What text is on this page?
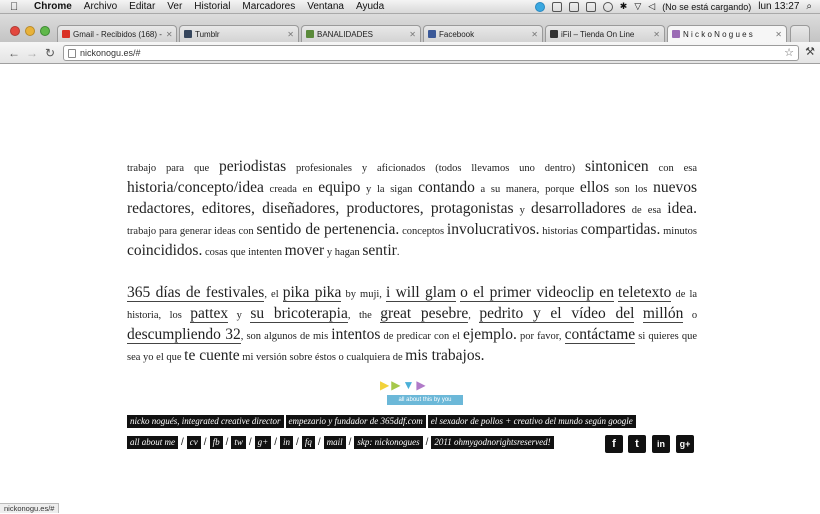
Chrome Archivo Editar Ver Historial Marcadores Ventana Ayuda	✱ ▽ ◁ (No se está cargando) lun 13:27 ⌕
Gmail - Recibidos (168) - ✕	Tumblr	✕	BANALIDADES	✕	Facebook	✕	iFil – Tienda On Line	✕	N i c k o N o g u e s	✕
← → ↻	nickonogu.es/#	☆ ⚒
trabajo para que periodistas profesionales y aficionados (todos llevamos uno dentro) sintonicen con esa historia/concepto/idea creada en equipo y la sigan contando a su manera, porque ellos son los nuevos redactores, editores, diseñadores, productores, protagonistas y desarrolladores de esa idea. trabajo para generar ideas con sentido de pertenencia. conceptos involucrativos. historias compartidas. minutos coincididos. cosas que intenten mover y hagan sentir.
365 días de festivales, el pika pika by muji, i will glam o el primer videoclip en teletexto de la historia, los pattex y su bricoterapia, the great pesebre, pedrito y el vídeo del millón o descumpliendo 32, son algunos de mis intentos de predicar con el ejemplo. por favor, contáctame si quieres que sea yo el que te cuente mi versión sobre éstos o cualquiera de mis trabajos.
▶ ▶ ▼ ▶
all about this by you
nicko nogués, integrated creative director empezario y fundador de 365ddf.com el sexador de pollos + creativo del mundo según google
all about me / cv / fb / tw / g+ / in / fq / mail / skp: nickonogues / 2011 ohmygodnorightsreserved!	f	t	in	g+
nickonogu.es/#
